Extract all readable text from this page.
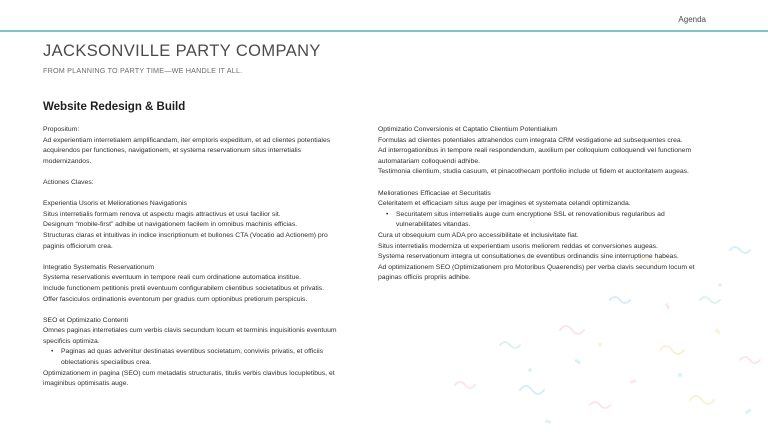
Agenda
JACKSONVILLE PARTY COMPANY
FROM PLANNING TO PARTY TIME—WE HANDLE IT ALL.
Website Redesign & Build

Propositum:

Ad experientiam interretialem amplificandam, iter emptoris expeditum, et ad clientes potentiales acquirendos per functiones, navigationem, et systema reservationum situs interretialis modernizandos.

Actiones Claves:

Experientia Usoris et Meliorationes Navigationis

Situs interretialis formam renova ut aspectu magis attractivus et usui facilior sit.

Designum “mobile-first” adhibe ut navigationem facilem in omnibus machinis efficias.

Structuras claras et intuitivas in indice inscriptionum et bullones CTA (Vocatio ad Actionem) pro paginis officiorum crea.

Integratio Systematis Reservationum

Systema reservationis eventuum in tempore reali cum ordinatione automatica institue.

Include functionem petitionis pretii eventuum configurabilem clientibus societatibus et privatis.

Offer fasciculos ordinationis eventorum per gradus cum optionibus pretiorum perspicuis.

SEO et Optimizatio Contenti

Omnes paginas interretiales cum verbis clavis secundum locum et terminis inquisitionis eventuum specificis optimiza.

•	Paginas ad quas advenitur destinatas eventibus societatum, conviviis privatis, et officiis oblectationis specialibus crea.

Optimizationem in pagina (SEO) cum metadatis structuratis, titulis verbis clavibus locupletibus, et imaginibus optimisatis auge.

Optimizatio Conversionis et Captatio Clientium Potentialium

Formulas ad clientes potentiales attrahendos cum integrata CRM vestigatione ad subsequentes crea.

Ad interrogationibus in tempore reali respondendum, auxilium per colloquium colloquendi vel functionem automatariam colloquendi adhibe.

Testimonia clientium, studia casuum, et pinacothecam portfolio include ut fidem et auctoritatem augeas.

Meliorationes Efficaciae et Securitatis

Celeritatem et efficaciam situs auge per imagines et systemata celandi optimizanda.

•	Securitatem situs interretialis auge cum encryptione SSL et renovationibus regularibus ad vulnerabilitates vitandas.

Cura ut obsequium cum ADA pro accessibilitate et inclusivitate fiat.

Situs interretialis moderniza ut experientiam usoris meliorem reddas et conversiones augeas.

Systema reservationum integra ut consultationes de eventibus ordinandis sine interruptione habeas.

Ad optimizationem SEO (Optimizationem pro Motoribus Quaerendis) per verba clavis secundum locum et paginas officiis propriis adhibe.
